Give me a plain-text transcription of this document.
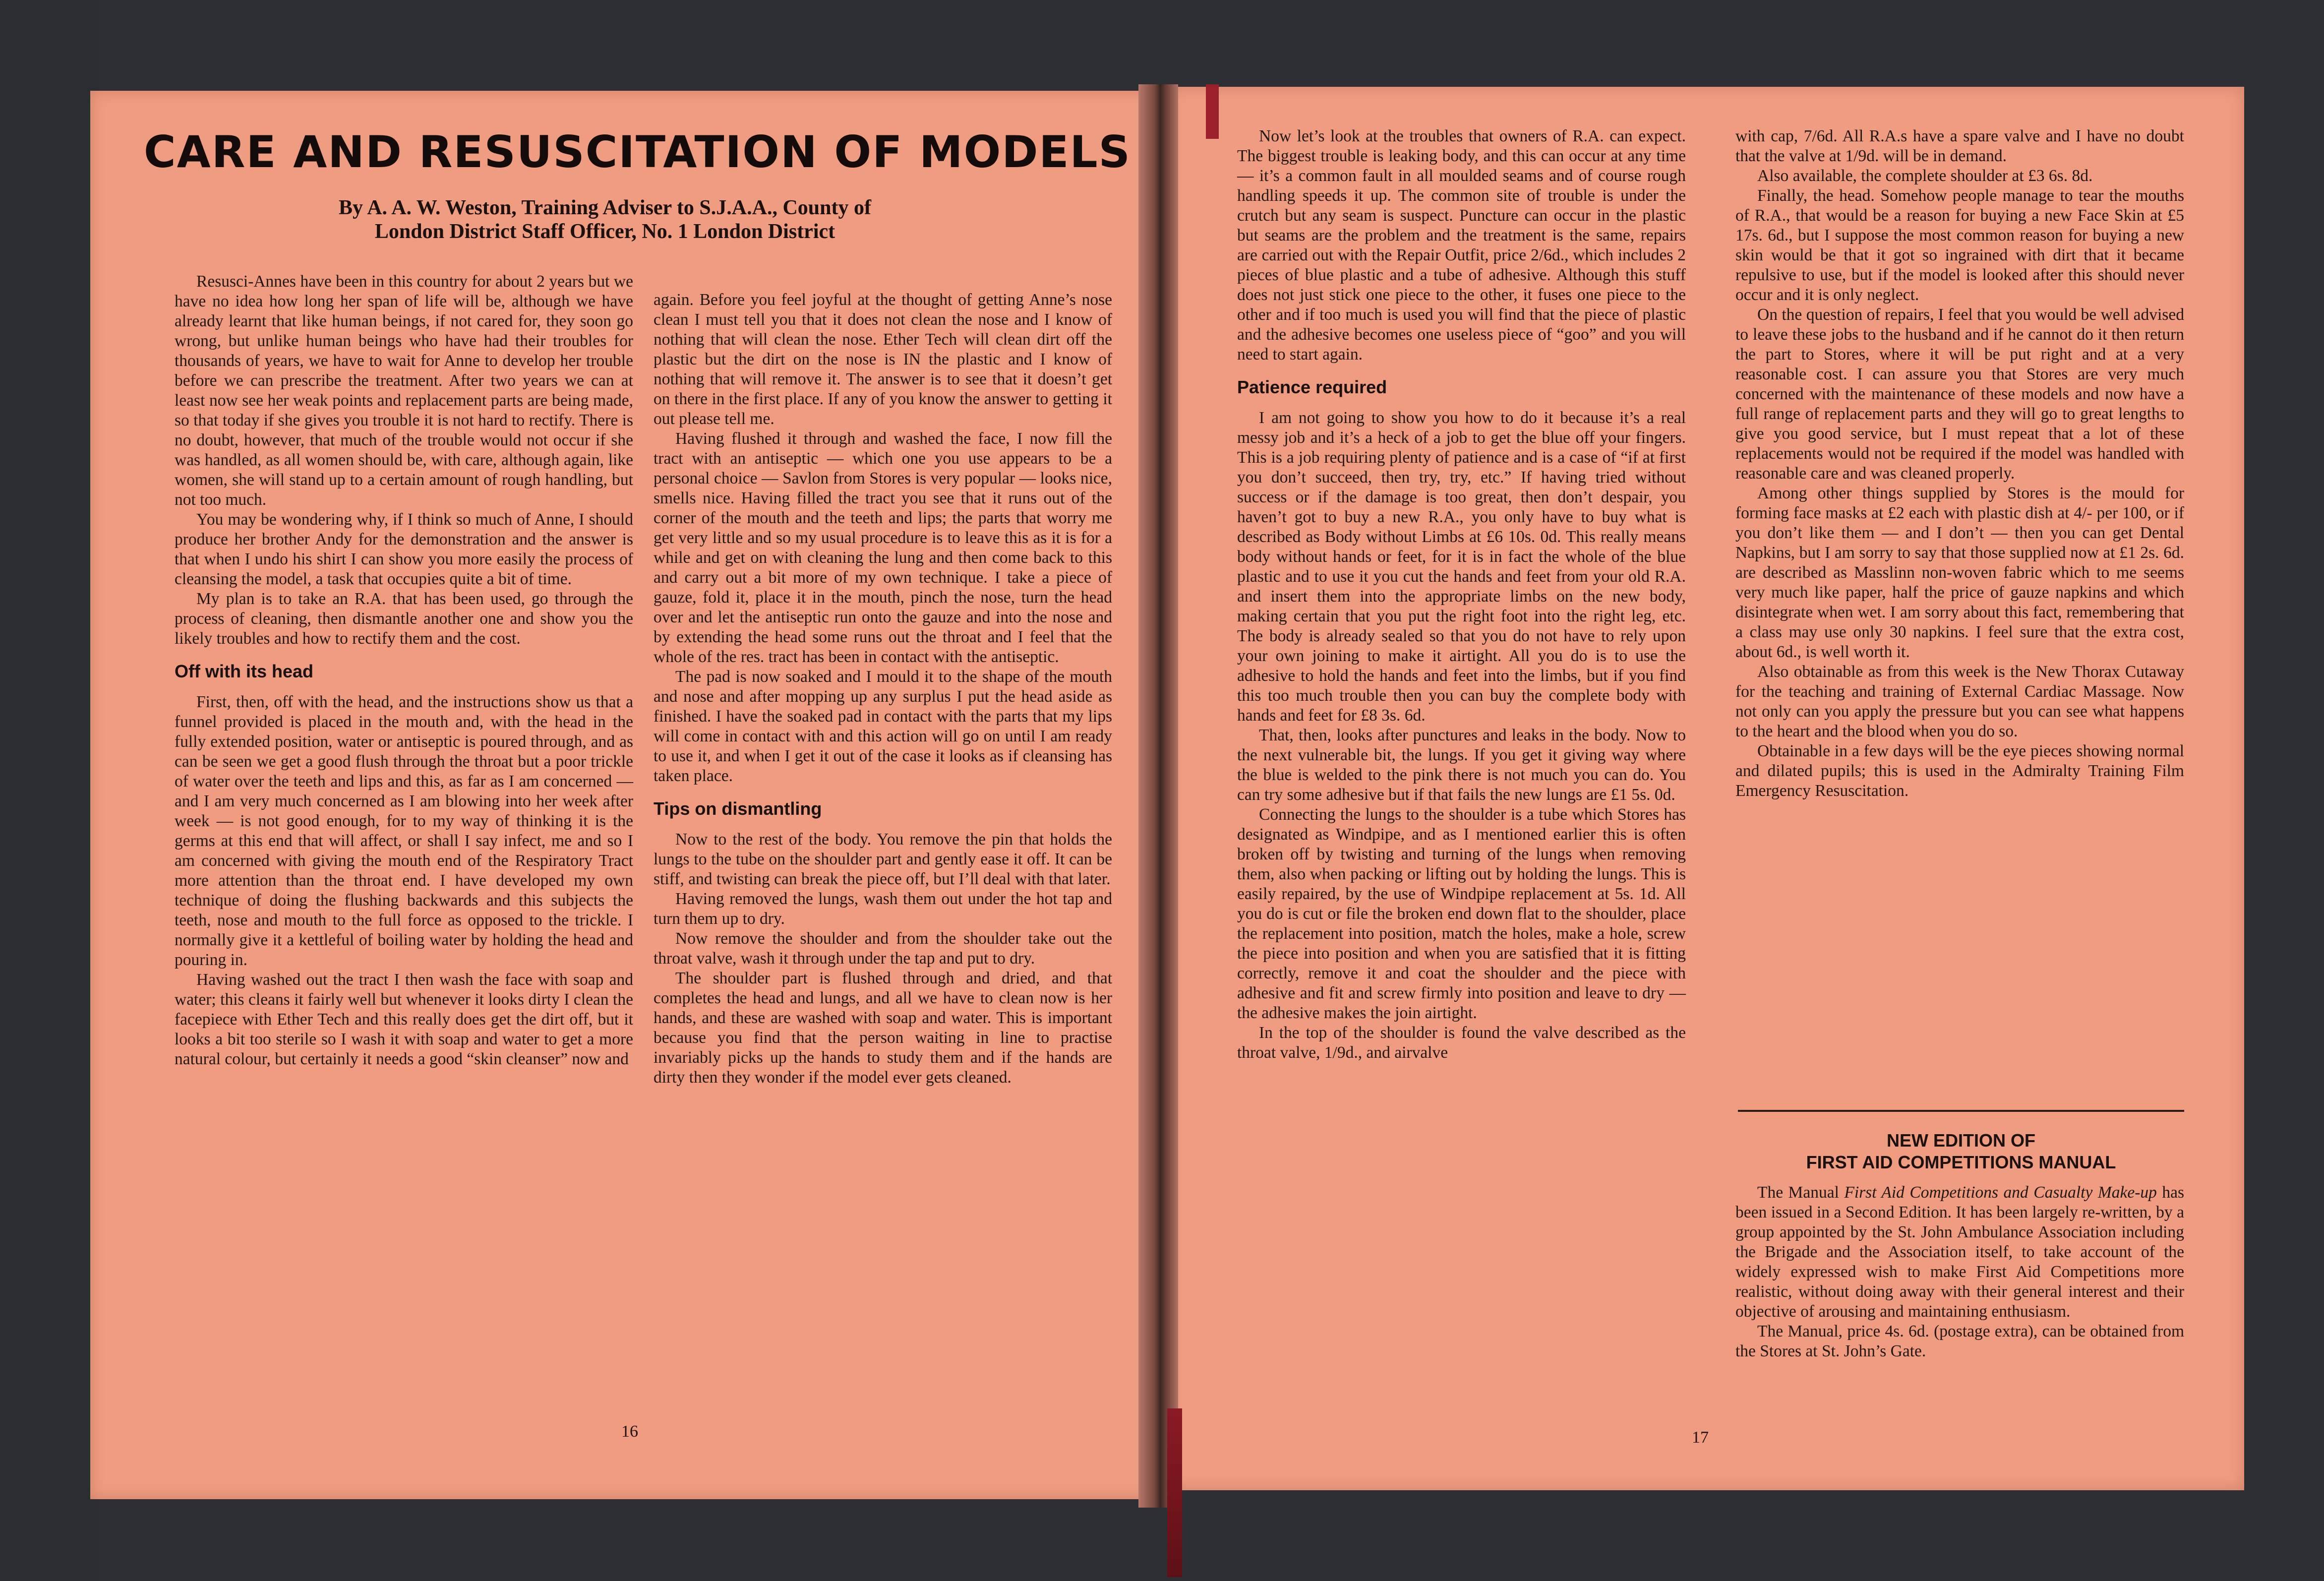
CARE AND RESUSCITATION OF MODELS
By A. A. W. Weston, Training Adviser to S.J.A.A., County of
London District Staff Officer, No. 1 London District

Resusci-Annes have been in this country for about 2 years but we have no idea how long her span of life will be, although we have already learnt that like human beings, if not cared for, they soon go wrong, but unlike human beings who have had their troubles for thousands of years, we have to wait for Anne to develop her trouble before we can prescribe the treatment. After two years we can at least now see her weak points and replacement parts are being made, so that today if she gives you trouble it is not hard to rectify. There is no doubt, however, that much of the trouble would not occur if she was handled, as all women should be, with care, although again, like women, she will stand up to a certain amount of rough handling, but not too much.

You may be wondering why, if I think so much of Anne, I should produce her brother Andy for the demonstration and the answer is that when I undo his shirt I can show you more easily the process of cleansing the model, a task that occupies quite a bit of time.

My plan is to take an R.A. that has been used, go through the process of cleaning, then dismantle another one and show you the likely troubles and how to rectify them and the cost.

Off with its head

First, then, off with the head, and the instructions show us that a funnel provided is placed in the mouth and, with the head in the fully extended position, water or antiseptic is poured through, and as can be seen we get a good flush through the throat but a poor trickle of water over the teeth and lips and this, as far as I am concerned — and I am very much concerned as I am blowing into her week after week — is not good enough, for to my way of thinking it is the germs at this end that will affect, or shall I say infect, me and so I am concerned with giving the mouth end of the Respiratory Tract more attention than the throat end. I have developed my own technique of doing the flushing backwards and this subjects the teeth, nose and mouth to the full force as opposed to the trickle. I normally give it a kettleful of boiling water by holding the head and pouring in.

Having washed out the tract I then wash the face with soap and water; this cleans it fairly well but whenever it looks dirty I clean the facepiece with Ether Tech and this really does get the dirt off, but it looks a bit too sterile so I wash it with soap and water to get a more natural colour, but certainly it needs a good “skin cleanser” now and

again. Before you feel joyful at the thought of getting Anne’s nose clean I must tell you that it does not clean the nose and I know of nothing that will clean the nose. Ether Tech will clean dirt off the plastic but the dirt on the nose is IN the plastic and I know of nothing that will remove it. The answer is to see that it doesn’t get on there in the first place. If any of you know the answer to getting it out please tell me.

Having flushed it through and washed the face, I now fill the tract with an antiseptic — which one you use appears to be a personal choice — Savlon from Stores is very popular — looks nice, smells nice. Having filled the tract you see that it runs out of the corner of the mouth and the teeth and lips; the parts that worry me get very little and so my usual procedure is to leave this as it is for a while and get on with cleaning the lung and then come back to this and carry out a bit more of my own technique. I take a piece of gauze, fold it, place it in the mouth, pinch the nose, turn the head over and let the antiseptic run onto the gauze and into the nose and by extending the head some runs out the throat and I feel that the whole of the res. tract has been in contact with the antiseptic.

The pad is now soaked and I mould it to the shape of the mouth and nose and after mopping up any surplus I put the head aside as finished. I have the soaked pad in contact with the parts that my lips will come in contact with and this action will go on until I am ready to use it, and when I get it out of the case it looks as if cleansing has taken place.

Tips on dismantling

Now to the rest of the body. You remove the pin that holds the lungs to the tube on the shoulder part and gently ease it off. It can be stiff, and twisting can break the piece off, but I’ll deal with that later.

Having removed the lungs, wash them out under the hot tap and turn them up to dry.

Now remove the shoulder and from the shoulder take out the throat valve, wash it through under the tap and put to dry.

The shoulder part is flushed through and dried, and that completes the head and lungs, and all we have to clean now is her hands, and these are washed with soap and water. This is important because you find that the person waiting in line to practise invariably picks up the hands to study them and if the hands are dirty then they wonder if the model ever gets cleaned.

16

Now let’s look at the troubles that owners of R.A. can expect. The biggest trouble is leaking body, and this can occur at any time — it’s a common fault in all moulded seams and of course rough handling speeds it up. The common site of trouble is under the crutch but any seam is suspect. Puncture can occur in the plastic but seams are the problem and the treatment is the same, repairs are carried out with the Repair Outfit, price 2/6d., which includes 2 pieces of blue plastic and a tube of adhesive. Although this stuff does not just stick one piece to the other, it fuses one piece to the other and if too much is used you will find that the piece of plastic and the adhesive becomes one useless piece of “goo” and you will need to start again.

Patience required

I am not going to show you how to do it because it’s a real messy job and it’s a heck of a job to get the blue off your fingers. This is a job requiring plenty of patience and is a case of “if at first you don’t succeed, then try, try, etc.” If having tried without success or if the damage is too great, then don’t despair, you haven’t got to buy a new R.A., you only have to buy what is described as Body without Limbs at £6 10s. 0d. This really means body without hands or feet, for it is in fact the whole of the blue plastic and to use it you cut the hands and feet from your old R.A. and insert them into the appropriate limbs on the new body, making certain that you put the right foot into the right leg, etc. The body is already sealed so that you do not have to rely upon your own joining to make it airtight. All you do is to use the adhesive to hold the hands and feet into the limbs, but if you find this too much trouble then you can buy the complete body with hands and feet for £8 3s. 6d.

That, then, looks after punctures and leaks in the body. Now to the next vulnerable bit, the lungs. If you get it giving way where the blue is welded to the pink there is not much you can do. You can try some adhesive but if that fails the new lungs are £1 5s. 0d.

Connecting the lungs to the shoulder is a tube which Stores has designated as Windpipe, and as I mentioned earlier this is often broken off by twisting and turning of the lungs when removing them, also when packing or lifting out by holding the lungs. This is easily repaired, by the use of Windpipe replacement at 5s. 1d. All you do is cut or file the broken end down flat to the shoulder, place the replacement into position, match the holes, make a hole, screw the piece into position and when you are satisfied that it is fitting correctly, remove it and coat the shoulder and the piece with adhesive and fit and screw firmly into position and leave to dry — the adhesive makes the join airtight.

In the top of the shoulder is found the valve described as the throat valve, 1/9d., and airvalve

with cap, 7/6d. All R.A.s have a spare valve and I have no doubt that the valve at 1/9d. will be in demand.

Also available, the complete shoulder at £3 6s. 8d.

Finally, the head. Somehow people manage to tear the mouths of R.A., that would be a reason for buying a new Face Skin at £5 17s. 6d., but I suppose the most common reason for buying a new skin would be that it got so ingrained with dirt that it became repulsive to use, but if the model is looked after this should never occur and it is only neglect.

On the question of repairs, I feel that you would be well advised to leave these jobs to the husband and if he cannot do it then return the part to Stores, where it will be put right and at a very reasonable cost. I can assure you that Stores are very much concerned with the maintenance of these models and now have a full range of replacement parts and they will go to great lengths to give you good service, but I must repeat that a lot of these replacements would not be required if the model was handled with reasonable care and was cleaned properly.

Among other things supplied by Stores is the mould for forming face masks at £2 each with plastic dish at 4/- per 100, or if you don’t like them — and I don’t — then you can get Dental Napkins, but I am sorry to say that those supplied now at £1 2s. 6d. are described as Masslinn non-woven fabric which to me seems very much like paper, half the price of gauze napkins and which disintegrate when wet. I am sorry about this fact, remembering that a class may use only 30 napkins. I feel sure that the extra cost, about 6d., is well worth it.

Also obtainable as from this week is the New Thorax Cutaway for the teaching and training of External Cardiac Massage. Now not only can you apply the pressure but you can see what happens to the heart and the blood when you do so.

Obtainable in a few days will be the eye pieces showing normal and dilated pupils; this is used in the Admiralty Training Film Emergency Resuscitation.

NEW EDITION OF
FIRST AID COMPETITIONS MANUAL

The Manual First Aid Competitions and Casualty Make-up has been issued in a Second Edition. It has been largely re-written, by a group appointed by the St. John Ambulance Association including the Brigade and the Association itself, to take account of the widely expressed wish to make First Aid Competitions more realistic, without doing away with their general interest and their objective of arousing and maintaining enthusiasm.

The Manual, price 4s. 6d. (postage extra), can be obtained from the Stores at St. John’s Gate.

17
